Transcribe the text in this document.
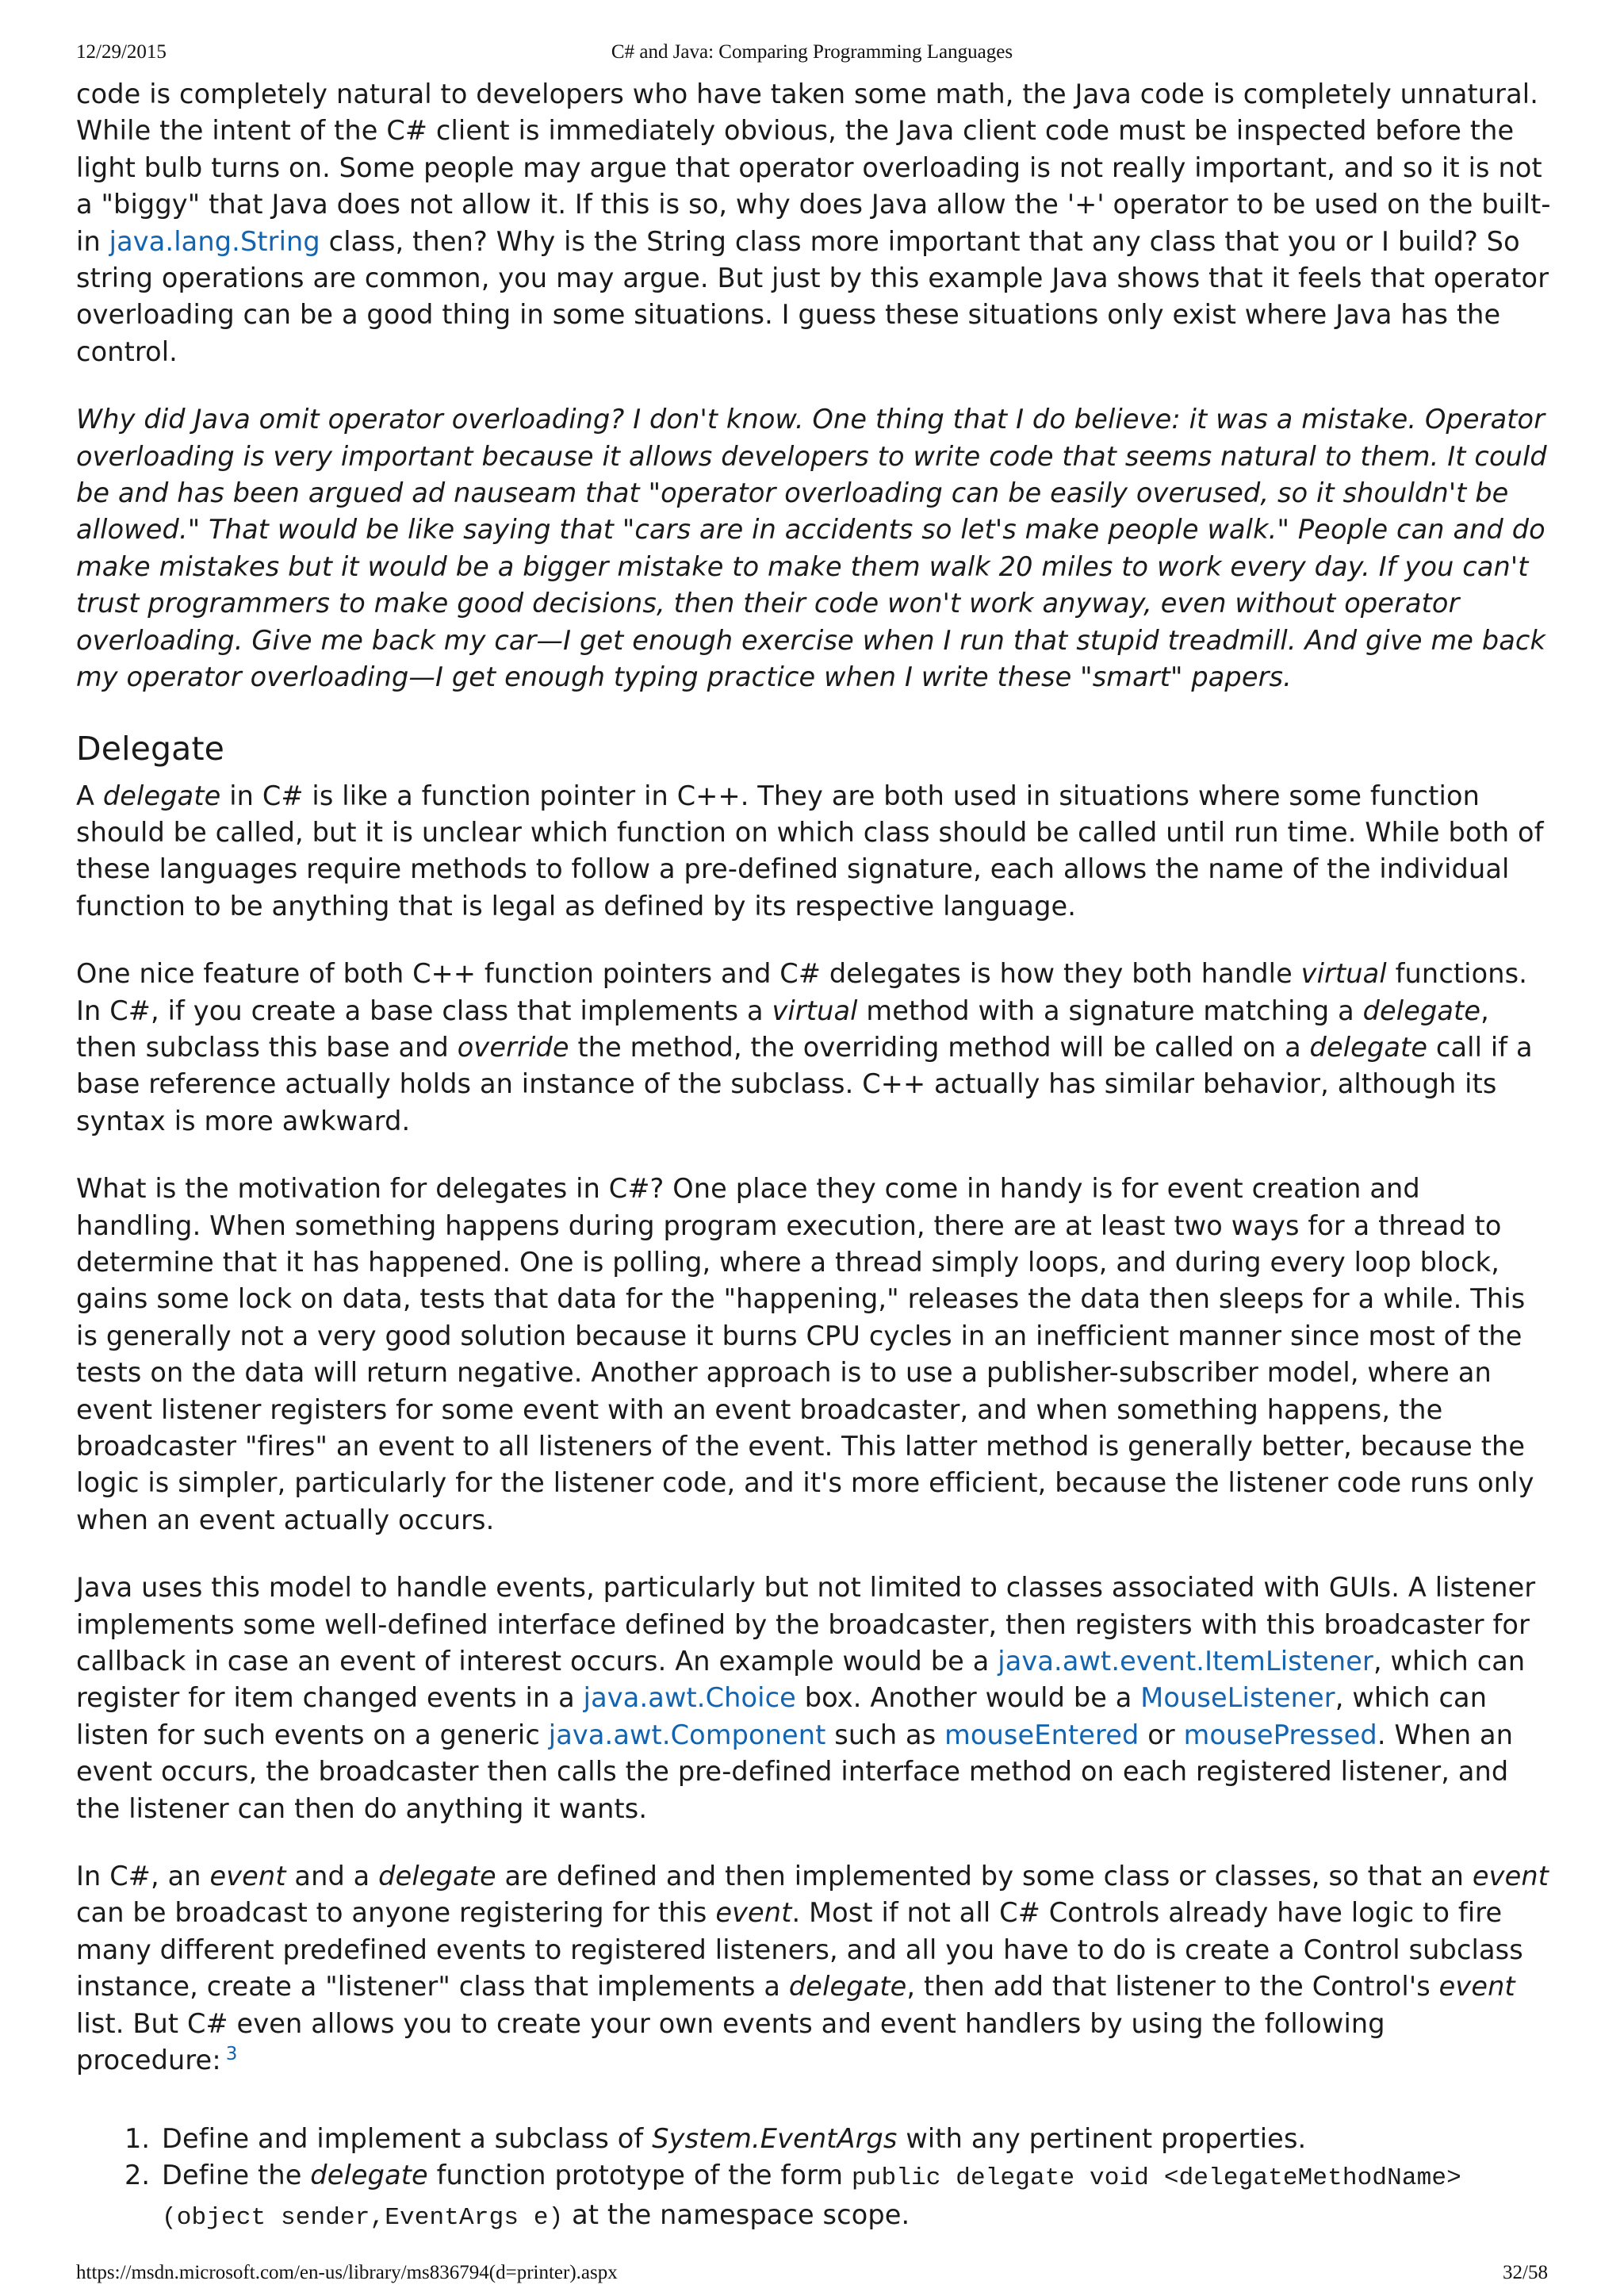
12/29/2015	C# and Java: Comparing Programming Languages

code is completely natural to developers who have taken some math, the Java code is completely unnatural. While the intent of the C# client is immediately obvious, the Java client code must be inspected before the light bulb turns on. Some people may argue that operator overloading is not really important, and so it is not a "biggy" that Java does not allow it. If this is so, why does Java allow the '+' operator to be used on the built-in java.lang.String class, then? Why is the String class more important that any class that you or I build? So string operations are common, you may argue. But just by this example Java shows that it feels that operator overloading can be a good thing in some situations. I guess these situations only exist where Java has the control.

Why did Java omit operator overloading? I don't know. One thing that I do believe: it was a mistake. Operator overloading is very important because it allows developers to write code that seems natural to them. It could be and has been argued ad nauseam that "operator overloading can be easily overused, so it shouldn't be allowed." That would be like saying that "cars are in accidents so let's make people walk." People can and do make mistakes but it would be a bigger mistake to make them walk 20 miles to work every day. If you can't trust programmers to make good decisions, then their code won't work anyway, even without operator overloading. Give me back my car—I get enough exercise when I run that stupid treadmill. And give me back my operator overloading—I get enough typing practice when I write these "smart" papers.

Delegate

A delegate in C# is like a function pointer in C++. They are both used in situations where some function should be called, but it is unclear which function on which class should be called until run time. While both of these languages require methods to follow a pre-defined signature, each allows the name of the individual function to be anything that is legal as defined by its respective language.

One nice feature of both C++ function pointers and C# delegates is how they both handle virtual functions. In C#, if you create a base class that implements a virtual method with a signature matching a delegate, then subclass this base and override the method, the overriding method will be called on a delegate call if a base reference actually holds an instance of the subclass. C++ actually has similar behavior, although its syntax is more awkward.

What is the motivation for delegates in C#? One place they come in handy is for event creation and handling. When something happens during program execution, there are at least two ways for a thread to determine that it has happened. One is polling, where a thread simply loops, and during every loop block, gains some lock on data, tests that data for the "happening," releases the data then sleeps for a while. This is generally not a very good solution because it burns CPU cycles in an inefficient manner since most of the tests on the data will return negative. Another approach is to use a publisher-subscriber model, where an event listener registers for some event with an event broadcaster, and when something happens, the broadcaster "fires" an event to all listeners of the event. This latter method is generally better, because the logic is simpler, particularly for the listener code, and it's more efficient, because the listener code runs only when an event actually occurs.

Java uses this model to handle events, particularly but not limited to classes associated with GUIs. A listener implements some well-defined interface defined by the broadcaster, then registers with this broadcaster for callback in case an event of interest occurs. An example would be a java.awt.event.ItemListener, which can register for item changed events in a java.awt.Choice box. Another would be a MouseListener, which can listen for such events on a generic java.awt.Component such as mouseEntered or mousePressed. When an event occurs, the broadcaster then calls the pre-defined interface method on each registered listener, and the listener can then do anything it wants.

In C#, an event and a delegate are defined and then implemented by some class or classes, so that an event can be broadcast to anyone registering for this event. Most if not all C# Controls already have logic to fire many different predefined events to registered listeners, and all you have to do is create a Control subclass instance, create a "listener" class that implements a delegate, then add that listener to the Control's event list. But C# even allows you to create your own events and event handlers by using the following procedure: $^3$

1. Define and implement a subclass of System.EventArgs with any pertinent properties.
2. Define the delegate function prototype of the form public delegate void <delegateMethodName> (object sender,EventArgs e) at the namespace scope.
https://msdn.microsoft.com/en-us/library/ms836794(d=printer).aspx	32/58
